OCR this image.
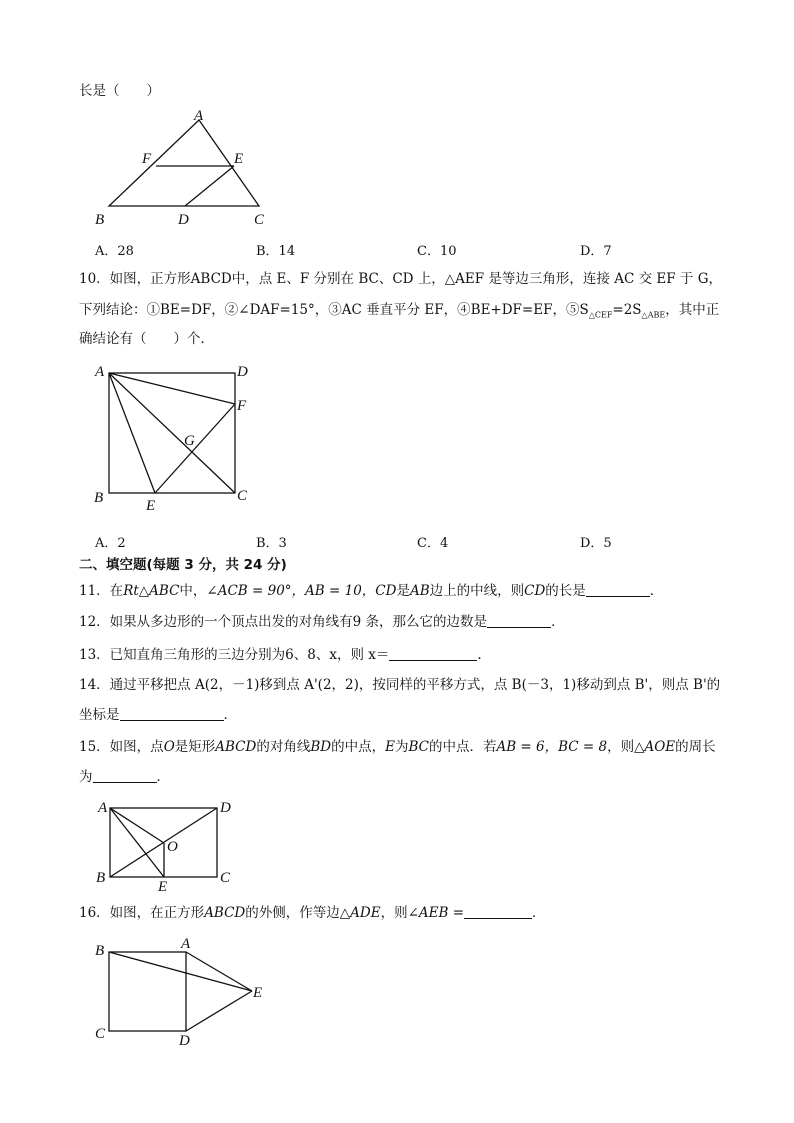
长是（　　）
A
F	E
B	D	C
A．28	B．14	C．10	D．7
10．如图，正方形ABCD中，点 E、F 分别在 BC、CD 上，△AEF 是等边三角形，连接 AC 交 EF 于 G，
下列结论：①BE=DF，②∠DAF=15°，③AC 垂直平分 EF，④BE+DF=EF，$⑤S_{\triangle CEF}=2S_{\triangle ABE}$，其中正
确结论有（　　）个．
A	D
F
G
B	E
C
A．2	B．3	C．4	D．5
二、填空题(每题 3 分，共 24 分)
11．在Rt△ABC中，∠ACB = 90°，AB = 10，CD是AB边上的中线，则CD的长是	．
12．如果从多边形的一个顶点出发的对角线有9 条，那么它的边数是	．
13．已知直角三角形的三边分别为6、8、x，则 x＝	.
14．通过平移把点 A(2，－1)移到点 A'(2，2)，按同样的平移方式，点 B(－3，1)移动到点 B'，则点 B'的
坐标是	．
15．如图，点O是矩形ABCD的对角线BD的中点，E为BC的中点．若AB = 6，BC = 8，则△AOE的周长
为	．
A	D
O
B
E
C
16．如图，在正方形ABCD的外侧，作等边△ADE，则∠AEB =	．
B	A
E
C	D
